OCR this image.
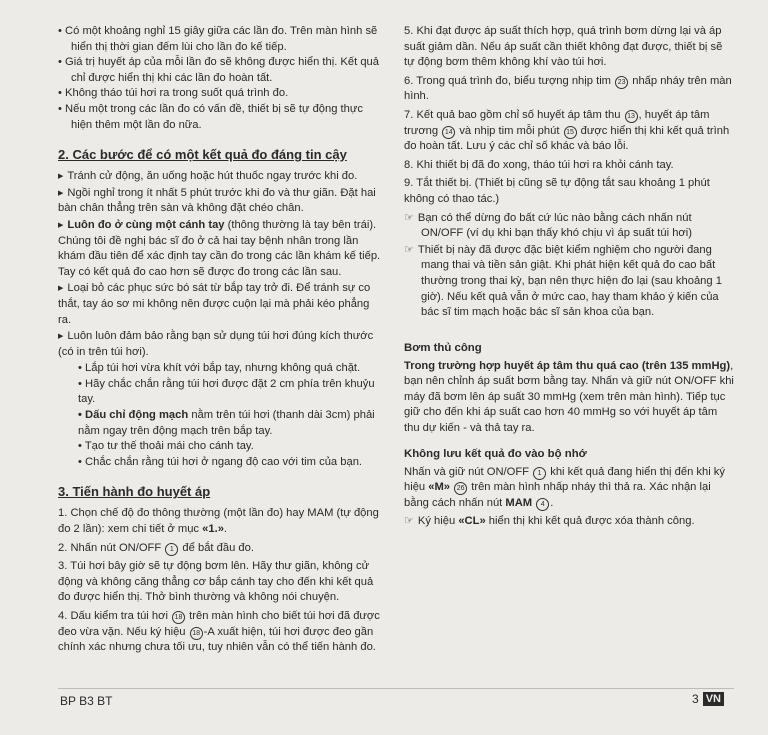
• Có một khoảng nghỉ 15 giây giữa các lần đo. Trên màn hình sẽ hiển thị thời gian đếm lùi cho lần đo kế tiếp.

• Giá trị huyết áp của mỗi lần đo sẽ không được hiển thị. Kết quả chỉ được hiển thị khi các lần đo hoàn tất.

• Không tháo túi hơi ra trong suốt quá trình đo.

• Nếu một trong các lần đo có vấn đề, thiết bị sẽ tự động thực hiện thêm một lần đo nữa.

2. Các bước để có một kết quả đo đáng tin cậy

▶ Tránh cử động, ăn uống hoặc hút thuốc ngay trước khi đo.

▶ Ngồi nghỉ trong ít nhất 5 phút trước khi đo và thư giãn. Đặt hai bàn chân thẳng trên sàn và không đặt chéo chân.

▶ Luôn đo ở cùng một cánh tay (thông thường là tay bên trái). Chúng tôi đề nghị bác sĩ đo ở cả hai tay bệnh nhân trong lần khám đầu tiên để xác định tay cần đo trong các lần khám kế tiếp. Tay có kết quả đo cao hơn sẽ được đo trong các lần sau.

▶ Loại bỏ các phục sức bó sát từ bắp tay trở đi. Để tránh sự co thắt, tay áo sơ mi không nên được cuộn lại mà phải kéo phẳng ra.

▶ Luôn luôn đảm bảo rằng bạn sử dụng túi hơi đúng kích thước (có in trên túi hơi).

• Lắp túi hơi vừa khít với bắp tay, nhưng không quá chặt.

• Hãy chắc chắn rằng túi hơi được đặt 2 cm phía trên khuỷu tay.

• Dấu chỉ động mạch nằm trên túi hơi (thanh dài 3cm) phải nằm ngay trên động mạch trên bắp tay.

• Tạo tư thế thoải mái cho cánh tay.

• Chắc chắn rằng túi hơi ở ngang độ cao với tim của bạn.

3. Tiến hành đo huyết áp

1. Chọn chế độ đo thông thường (một lần đo) hay MAM (tự động đo 2 lần): xem chi tiết ở mục «1.».

2. Nhấn nút ON/OFF 1 để bắt đầu đo.

3. Túi hơi bây giờ sẽ tự động bơm lên. Hãy thư giãn, không cử động và không căng thẳng cơ bắp cánh tay cho đến khi kết quả đo được hiển thị. Thở bình thường và không nói chuyện.

4. Dấu kiểm tra túi hơi 18 trên màn hình cho biết túi hơi đã được đeo vừa vặn. Nếu ký hiệu 18 -A xuất hiện, túi hơi được đeo gần chính xác nhưng chưa tối ưu, tuy nhiên vẫn có thể tiến hành đo.

5. Khi đạt được áp suất thích hợp, quá trình bơm dừng lại và áp suất giảm dần. Nếu áp suất cần thiết không đạt được, thiết bị sẽ tự động bơm thêm không khí vào túi hơi.

6. Trong quá trình đo, biểu tượng nhịp tim 23 nhấp nháy trên màn hình.

7. Kết quả bao gồm chỉ số huyết áp tâm thu 13 , huyết áp tâm trương 14 và nhịp tim mỗi phút 15 được hiển thị khi kết quả trình đo hoàn tất. Lưu ý các chỉ số khác và báo lỗi.

8. Khi thiết bị đã đo xong, tháo túi hơi ra khỏi cánh tay.

9. Tắt thiết bị. (Thiết bị cũng sẽ tự động tắt sau khoảng 1 phút không có thao tác.)

☞ Bạn có thể dừng đo bất cứ lúc nào bằng cách nhấn nút ON/OFF (ví dụ khi bạn thấy khó chịu vì áp suất túi hơi)

☞ Thiết bị này đã được đặc biệt kiểm nghiệm cho người đang mang thai và tiền sản giật. Khi phát hiện kết quả đo cao bất thường trong thai kỳ, bạn nên thực hiện đo lại (sau khoảng 1 giờ). Nếu kết quả vẫn ở mức cao, hay tham khảo ý kiến của bác sĩ tim mạch hoặc bác sĩ sản khoa của bạn.

Bơm thủ công

Trong trường hợp huyết áp tâm thu quá cao (trên 135 mmHg), bạn nên chỉnh áp suất bơm bằng tay. Nhấn và giữ nút ON/OFF khi máy đã bơm lên áp suất 30 mmHg (xem trên màn hình). Tiếp tục giữ cho đến khi áp suất cao hơn 40 mmHg so với huyết áp tâm thu dự kiến - và thả tay ra.

Không lưu kết quả đo vào bộ nhớ

Nhấn và giữ nút ON/OFF 1 khi kết quả đang hiển thị đến khi ký hiệu «M» 26 trên màn hình nhấp nháy thì thả ra. Xác nhận lại bằng cách nhấn nút MAM 4 .

☞ Ký hiệu «CL» hiển thị khi kết quả được xóa thành công.

BP B3 BT	3 VN
